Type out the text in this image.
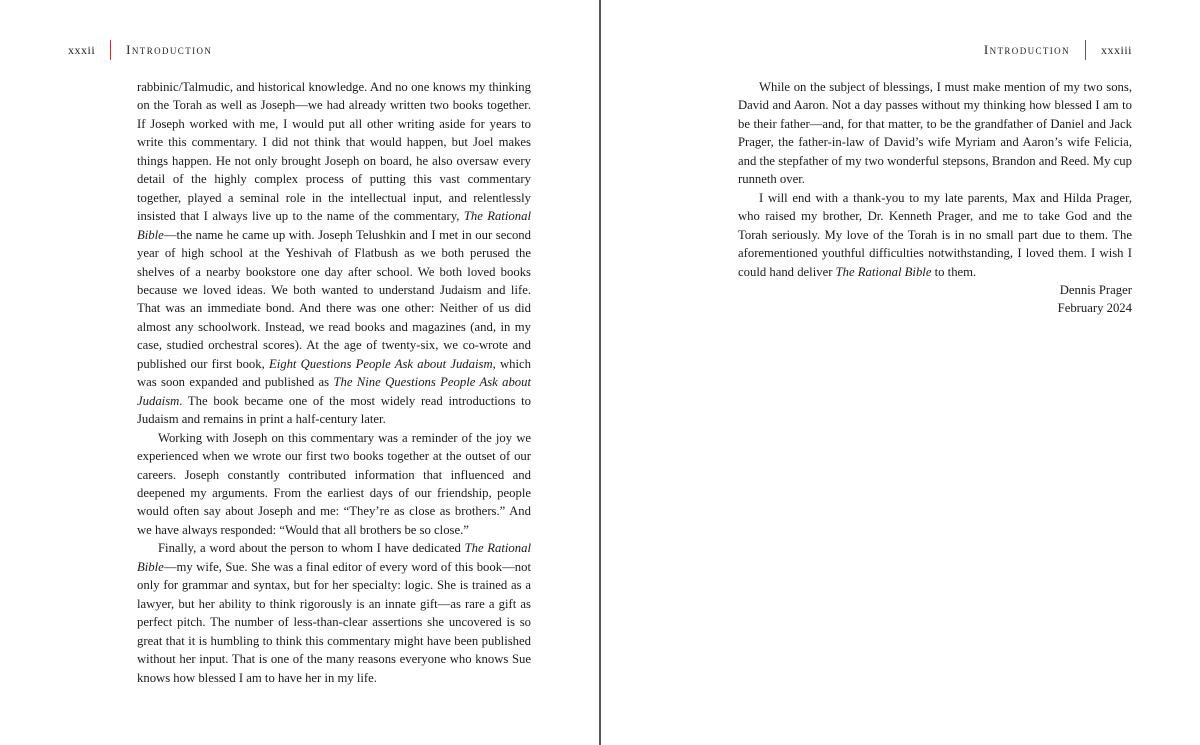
xxxii Introduction

rabbinic/Talmudic, and historical knowledge. And no one knows my thinking on the Torah as well as Joseph—we had already written two books together. If Joseph worked with me, I would put all other writing aside for years to write this commentary. I did not think that would happen, but Joel makes things happen. He not only brought Joseph on board, he also oversaw every detail of the highly complex process of putting this vast commentary together, played a seminal role in the intellectual input, and relentlessly insisted that I always live up to the name of the commentary, The Rational Bible—the name he came up with. Joseph Telushkin and I met in our second year of high school at the Yeshivah of Flatbush as we both perused the shelves of a nearby bookstore one day after school. We both loved books because we loved ideas. We both wanted to understand Judaism and life. That was an immediate bond. And there was one other: Neither of us did almost any schoolwork. Instead, we read books and magazines (and, in my case, studied orchestral scores). At the age of twenty-six, we co-wrote and published our first book, Eight Questions People Ask about Judaism, which was soon expanded and published as The Nine Questions People Ask about Judaism. The book became one of the most widely read introductions to Judaism and remains in print a half-century later.

Working with Joseph on this commentary was a reminder of the joy we experienced when we wrote our first two books together at the outset of our careers. Joseph constantly contributed information that influenced and deepened my arguments. From the earliest days of our friendship, people would often say about Joseph and me: “They’re as close as brothers.” And we have always responded: “Would that all brothers be so close.”

Finally, a word about the person to whom I have dedicated The Rational Bible—my wife, Sue. She was a final editor of every word of this book—not only for grammar and syntax, but for her specialty: logic. She is trained as a lawyer, but her ability to think rigorously is an innate gift—as rare a gift as perfect pitch. The number of less-than-clear assertions she uncovered is so great that it is humbling to think this commentary might have been published without her input. That is one of the many reasons everyone who knows Sue knows how blessed I am to have her in my life.

Introduction	xxxiii

While on the subject of blessings, I must make mention of my two sons, David and Aaron. Not a day passes without my thinking how blessed I am to be their father—and, for that matter, to be the grandfather of Daniel and Jack Prager, the father-in-law of David’s wife Myriam and Aaron’s wife Felicia, and the stepfather of my two wonderful stepsons, Brandon and Reed. My cup runneth over.

I will end with a thank-you to my late parents, Max and Hilda Prager, who raised my brother, Dr. Kenneth Prager, and me to take God and the Torah seriously. My love of the Torah is in no small part due to them. The aforementioned youthful difficulties notwithstanding, I loved them. I wish I could hand deliver The Rational Bible to them.

Dennis Prager

February 2024
